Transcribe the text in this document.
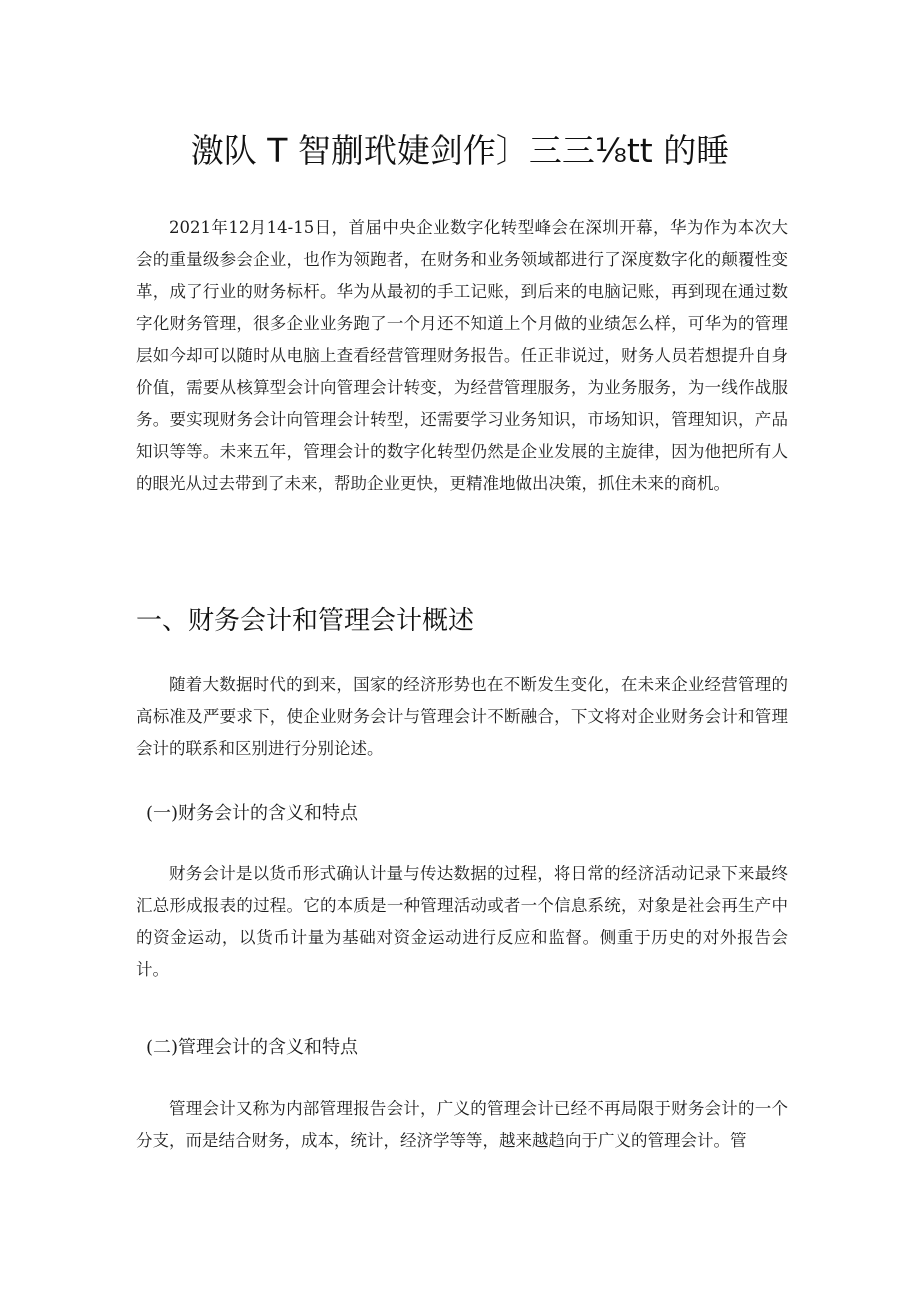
激队 T 智蒯玳婕剑作〕三三⅛tt 的睡

2021年12月14-15日，首届中央企业数字化转型峰会在深圳开幕，华为作为本次大会的重量级参会企业，也作为领跑者，在财务和业务领域都进行了深度数字化的颠覆性变革，成了行业的财务标杆。华为从最初的手工记账，到后来的电脑记账，再到现在通过数字化财务管理，很多企业业务跑了一个月还不知道上个月做的业绩怎么样，可华为的管理层如今却可以随时从电脑上查看经营管理财务报告。任正非说过，财务人员若想提升自身价值，需要从核算型会计向管理会计转变，为经营管理服务，为业务服务，为一线作战服务。要实现财务会计向管理会计转型，还需要学习业务知识，市场知识，管理知识，产品知识等等。未来五年，管理会计的数字化转型仍然是企业发展的主旋律，因为他把所有人的眼光从过去带到了未来，帮助企业更快，更精准地做出决策，抓住未来的商机。

一、财务会计和管理会计概述

随着大数据时代的到来，国家的经济形势也在不断发生变化，在未来企业经营管理的高标准及严要求下，使企业财务会计与管理会计不断融合，下文将对企业财务会计和管理会计的联系和区别进行分别论述。

(一)财务会计的含义和特点

财务会计是以货币形式确认计量与传达数据的过程，将日常的经济活动记录下来最终汇总形成报表的过程。它的本质是一种管理活动或者一个信息系统，对象是社会再生产中的资金运动，以货币计量为基础对资金运动进行反应和监督。侧重于历史的对外报告会计。

(二)管理会计的含义和特点

管理会计又称为内部管理报告会计，广义的管理会计已经不再局限于财务会计的一个分支，而是结合财务，成本，统计，经济学等等，越来越趋向于广义的管理会计。管
